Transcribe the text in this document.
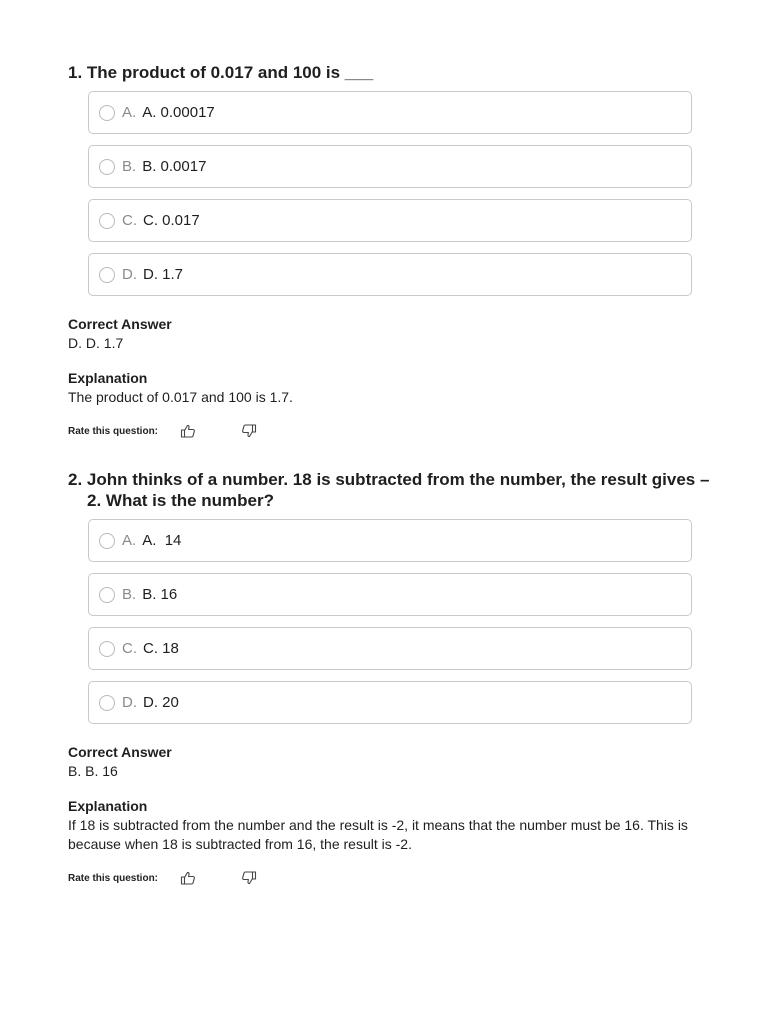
1. The product of 0.017 and 100 is ___
A. A. 0.00017
B. B. 0.0017
C. C. 0.017
D. D. 1.7
Correct Answer
D. D. 1.7
Explanation
The product of 0.017 and 100 is 1.7.
Rate this question:
2. John thinks of a number. 18 is subtracted from the number, the result gives – 2. What is the number?
A. A.  14
B. B. 16
C. C. 18
D. D. 20
Correct Answer
B. B. 16
Explanation
If 18 is subtracted from the number and the result is -2, it means that the number must be 16. This is because when 18 is subtracted from 16, the result is -2.
Rate this question:
